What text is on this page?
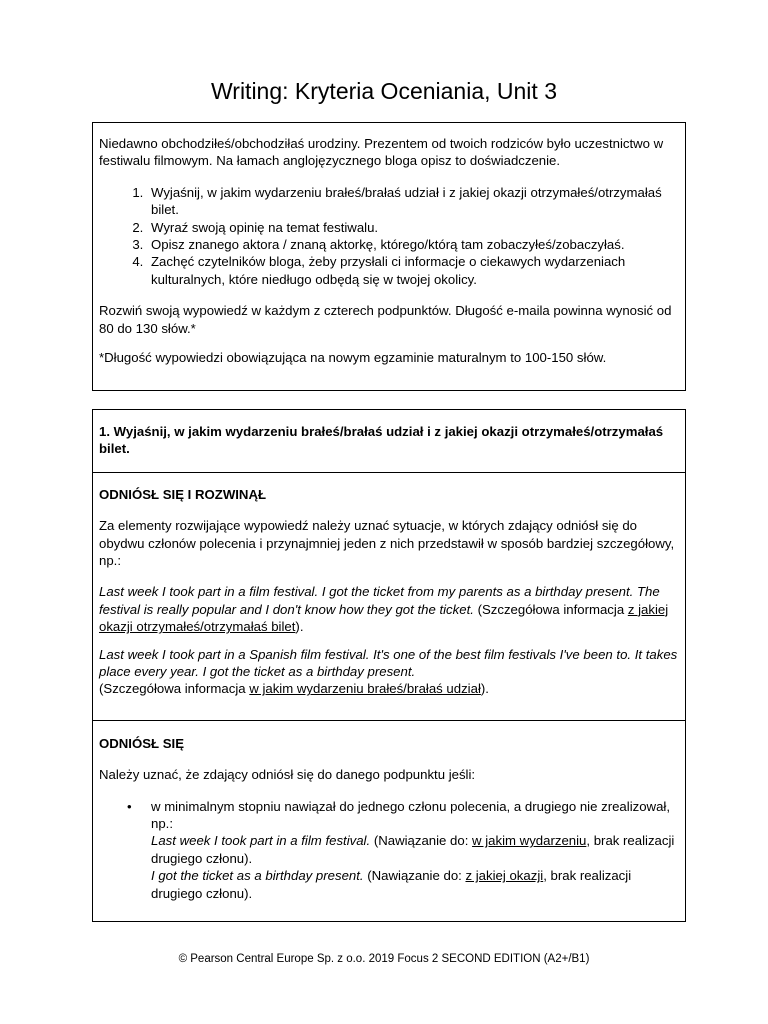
Writing: Kryteria Oceniania, Unit 3

Niedawno obchodziłeś/obchodziłaś urodziny. Prezentem od twoich rodziców było uczestnictwo w festiwalu filmowym. Na łamach anglojęzycznego bloga opisz to doświadczenie.

1. Wyjaśnij, w jakim wydarzeniu brałeś/brałaś udział i z jakiej okazji otrzymałeś/otrzymałaś bilet.
2. Wyraź swoją opinię na temat festiwalu.
3. Opisz znanego aktora / znaną aktorkę, którego/którą tam zobaczyłeś/zobaczyłaś.
4. Zachęć czytelników bloga, żeby przysłali ci informacje o ciekawych wydarzeniach kulturalnych, które niedługo odbędą się w twojej okolicy.

Rozwiń swoją wypowiedź w każdym z czterech podpunktów. Długość e-maila powinna wynosić od 80 do 130 słów.*

*Długość wypowiedzi obowiązująca na nowym egzaminie maturalnym to 100-150 słów.

1. Wyjaśnij, w jakim wydarzeniu brałeś/brałaś udział i z jakiej okazji otrzymałeś/otrzymałaś bilet.

ODNIÓSŁ SIĘ I ROZWINĄŁ

Za elementy rozwijające wypowiedź należy uznać sytuacje, w których zdający odniósł się do obydwu członów polecenia i przynajmniej jeden z nich przedstawił w sposób bardziej szczegółowy, np.:

Last week I took part in a film festival. I got the ticket from my parents as a birthday present. The festival is really popular and I don't know how they got the ticket. (Szczegółowa informacja z jakiej okazji otrzymałeś/otrzymałaś bilet).

Last week I took part in a Spanish film festival. It's one of the best film festivals I've been to. It takes place every year. I got the ticket as a birthday present.
(Szczegółowa informacja w jakim wydarzeniu brałeś/brałaś udział).

ODNIÓSŁ SIĘ

Należy uznać, że zdający odniósł się do danego podpunktu jeśli:

• w minimalnym stopniu nawiązał do jednego członu polecenia, a drugiego nie zrealizował, np.:
Last week I took part in a film festival. (Nawiązanie do: w jakim wydarzeniu, brak realizacji drugiego członu).
I got the ticket as a birthday present. (Nawiązanie do: z jakiej okazji, brak realizacji drugiego członu).
© Pearson Central Europe Sp. z o.o. 2019 Focus 2 SECOND EDITION (A2+/B1)
